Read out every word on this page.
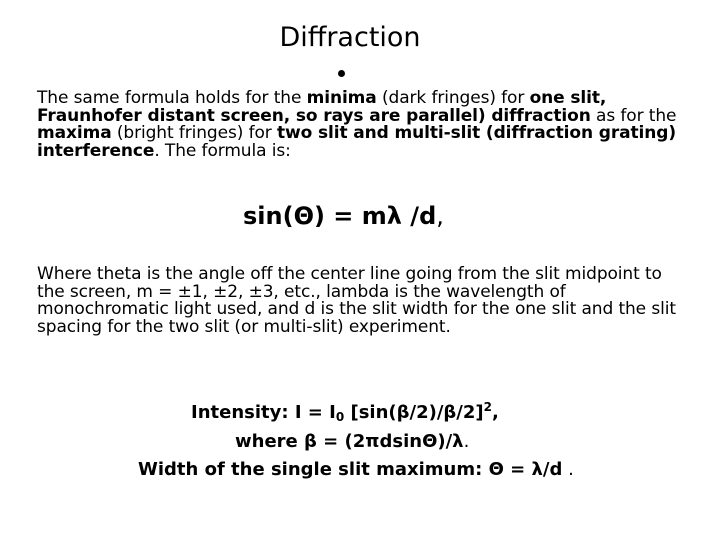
Diffraction
The same formula holds for the minima (dark fringes) for one slit, Fraunhofer distant screen, so rays are parallel) diffraction as for the maxima (bright fringes) for two slit and multi-slit (diffraction grating) interference. The formula is:
sin(Θ) = mλ /d,
Where theta is the angle off the center line going from the slit midpoint to the screen, m = ±1, ±2, ±3, etc., lambda is the wavelength of monochromatic light used, and d is the slit width for the one slit and the slit spacing for the two slit (or multi-slit) experiment.
Intensity: $I = I_0$ $[\sin(\beta/2)/\beta/2]^2$,
where β = (2πdsinΘ)/λ.
Width of the single slit maximum: Θ = λ/d .
